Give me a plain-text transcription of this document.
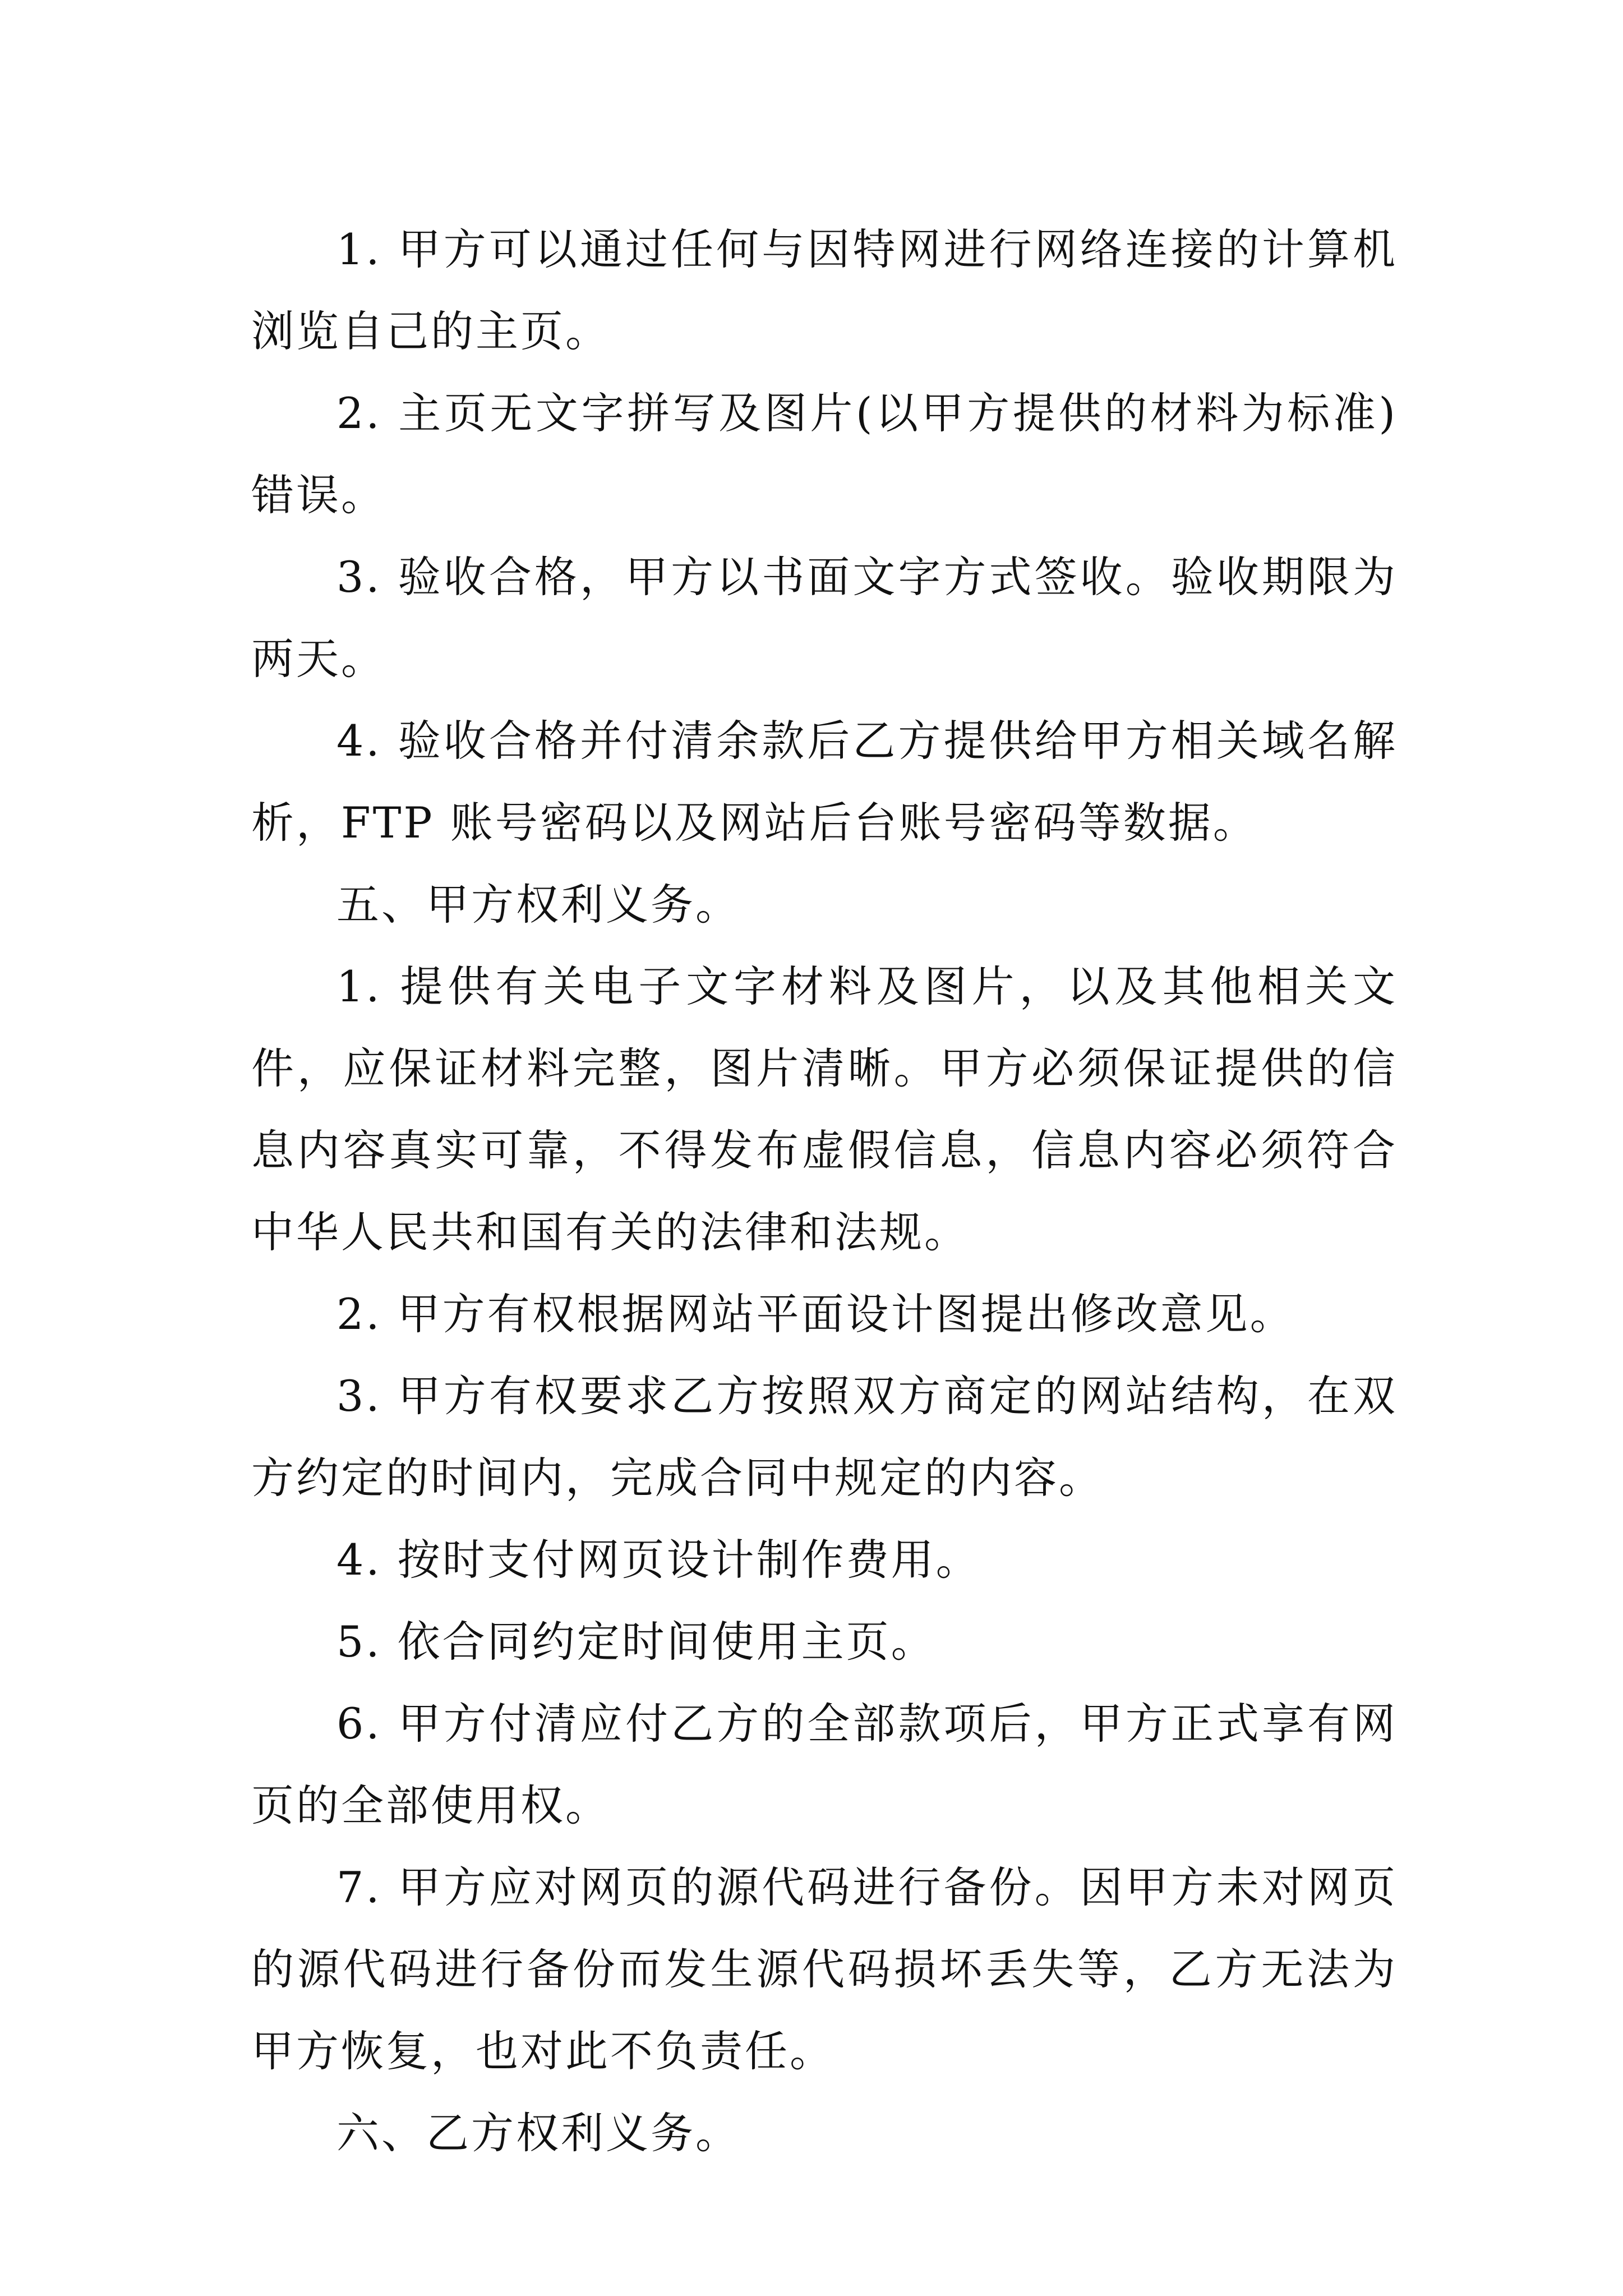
1. 甲方可以通过任何与因特网进行网络连接的计算机浏览自己的主页。

2. 主页无文字拼写及图片(以甲方提供的材料为标准)错误。

3. 验收合格，甲方以书面文字方式签收。验收期限为两天。

4. 验收合格并付清余款后乙方提供给甲方相关域名解析，FTP 账号密码以及网站后台账号密码等数据。

五、甲方权利义务。

1. 提供有关电子文字材料及图片，以及其他相关文件，应保证材料完整，图片清晰。甲方必须保证提供的信息内容真实可靠，不得发布虚假信息，信息内容必须符合中华人民共和国有关的法律和法规。

2. 甲方有权根据网站平面设计图提出修改意见。

3. 甲方有权要求乙方按照双方商定的网站结构，在双方约定的时间内，完成合同中规定的内容。

4. 按时支付网页设计制作费用。

5. 依合同约定时间使用主页。

6. 甲方付清应付乙方的全部款项后，甲方正式享有网页的全部使用权。

7. 甲方应对网页的源代码进行备份。因甲方未对网页的源代码进行备份而发生源代码损坏丢失等，乙方无法为甲方恢复，也对此不负责任。

六、乙方权利义务。
